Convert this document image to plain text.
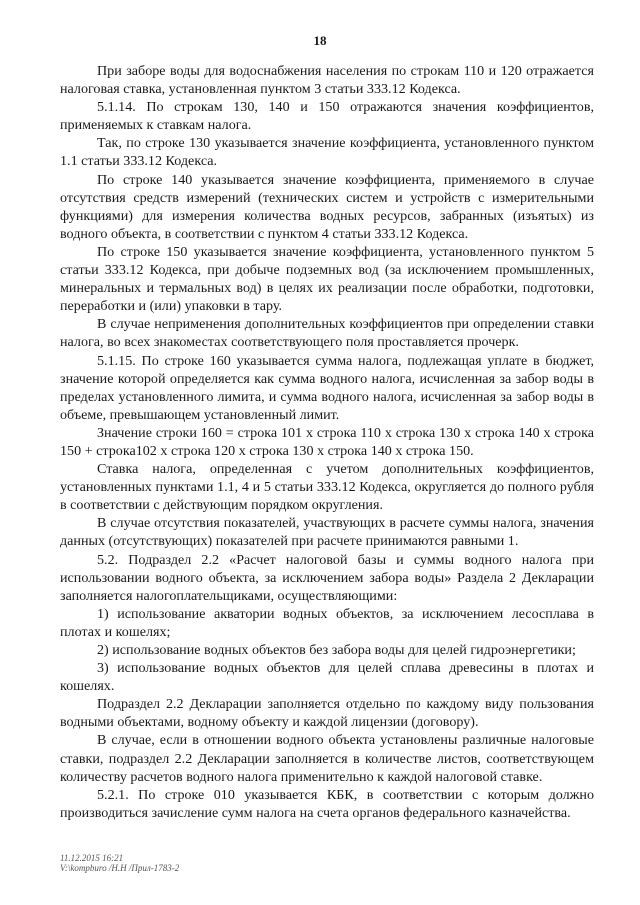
18

При заборе воды для водоснабжения населения по строкам 110 и 120 отражается налоговая ставка, установленная пунктом 3 статьи 333.12 Кодекса.

5.1.14. По строкам 130, 140 и 150 отражаются значения коэффициентов, применяемых к ставкам налога.

Так, по строке 130 указывается значение коэффициента, установленного пунктом 1.1 статьи 333.12 Кодекса.

По строке 140 указывается значение коэффициента, применяемого в случае отсутствия средств измерений (технических систем и устройств с измерительными функциями) для измерения количества водных ресурсов, забранных (изъятых) из водного объекта, в соответствии с пунктом 4 статьи 333.12 Кодекса.

По строке 150 указывается значение коэффициента, установленного пунктом 5 статьи 333.12 Кодекса, при добыче подземных вод (за исключением промышленных, минеральных и термальных вод) в целях их реализации после обработки, подготовки, переработки и (или) упаковки в тару.

В случае неприменения дополнительных коэффициентов при определении ставки налога, во всех знакоместах соответствующего поля проставляется прочерк.

5.1.15. По строке 160 указывается сумма налога, подлежащая уплате в бюджет, значение которой определяется как сумма водного налога, исчисленная за забор воды в пределах установленного лимита, и сумма водного налога, исчисленная за забор воды в объеме, превышающем установленный лимит.

Значение строки 160 = строка 101 x строка 110 x строка 130 x строка 140 x строка 150 + строка102 x строка 120 x строка 130 x строка 140 x строка 150.

Ставка налога, определенная с учетом дополнительных коэффициентов, установленных пунктами 1.1, 4 и 5 статьи 333.12 Кодекса, округляется до полного рубля в соответствии с действующим порядком округления.

В случае отсутствия показателей, участвующих в расчете суммы налога, значения данных (отсутствующих) показателей при расчете принимаются равными 1.

5.2. Подраздел 2.2 «Расчет налоговой базы и суммы водного налога при использовании водного объекта, за исключением забора воды» Раздела 2 Декларации заполняется налогоплательщиками, осуществляющими:

1) использование акватории водных объектов, за исключением лесосплава в плотах и кошелях;

2) использование водных объектов без забора воды для целей гидроэнергетики;

3) использование водных объектов для целей сплава древесины в плотах и кошелях.

Подраздел 2.2 Декларации заполняется отдельно по каждому виду пользования водными объектами, водному объекту и каждой лицензии (договору).

В случае, если в отношении водного объекта установлены различные налоговые ставки, подраздел 2.2 Декларации заполняется в количестве листов, соответствующем количеству расчетов водного налога применительно к каждой налоговой ставке.

5.2.1. По строке 010 указывается КБК, в соответствии с которым должно производиться зачисление сумм налога на счета органов федерального казначейства.

11.12.2015 16:21
V:\kompburo /Н.Н /Прил-1783-2
